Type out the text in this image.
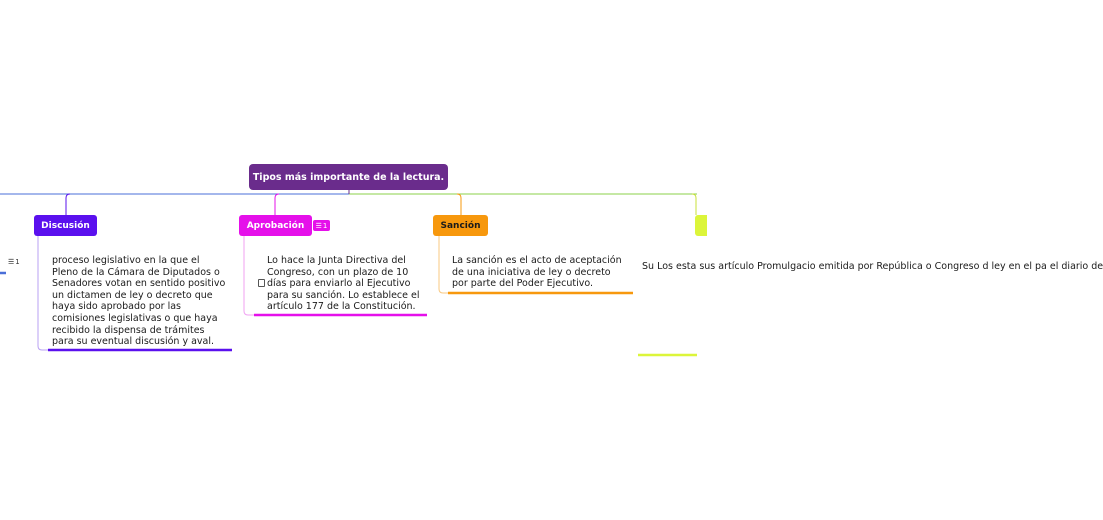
Tipos más importante de la lectura.
Discusión	Aprobación ☰ 1	Sanción
☰ 1	proceso legislativo en la que el
Pleno de la Cámara de Diputados o
Senadores votan en sentido positivo
un dictamen de ley o decreto que
haya sido aprobado por las
comisiones legislativas o que haya
recibido la dispensa de trámites
para su eventual discusión y aval.

Lo hace la Junta Directiva del
Congreso, con un plazo de 10
días para enviarlo al Ejecutivo
para su sanción. Lo establece el
artículo 177 de la Constitución.

La sanción es el acto de aceptación
de una iniciativa de ley o decreto
por parte del Poder Ejecutivo.

Su Los esta sus artículo Promulgacio emitida por República o Congreso d ley en el pa el diario de
